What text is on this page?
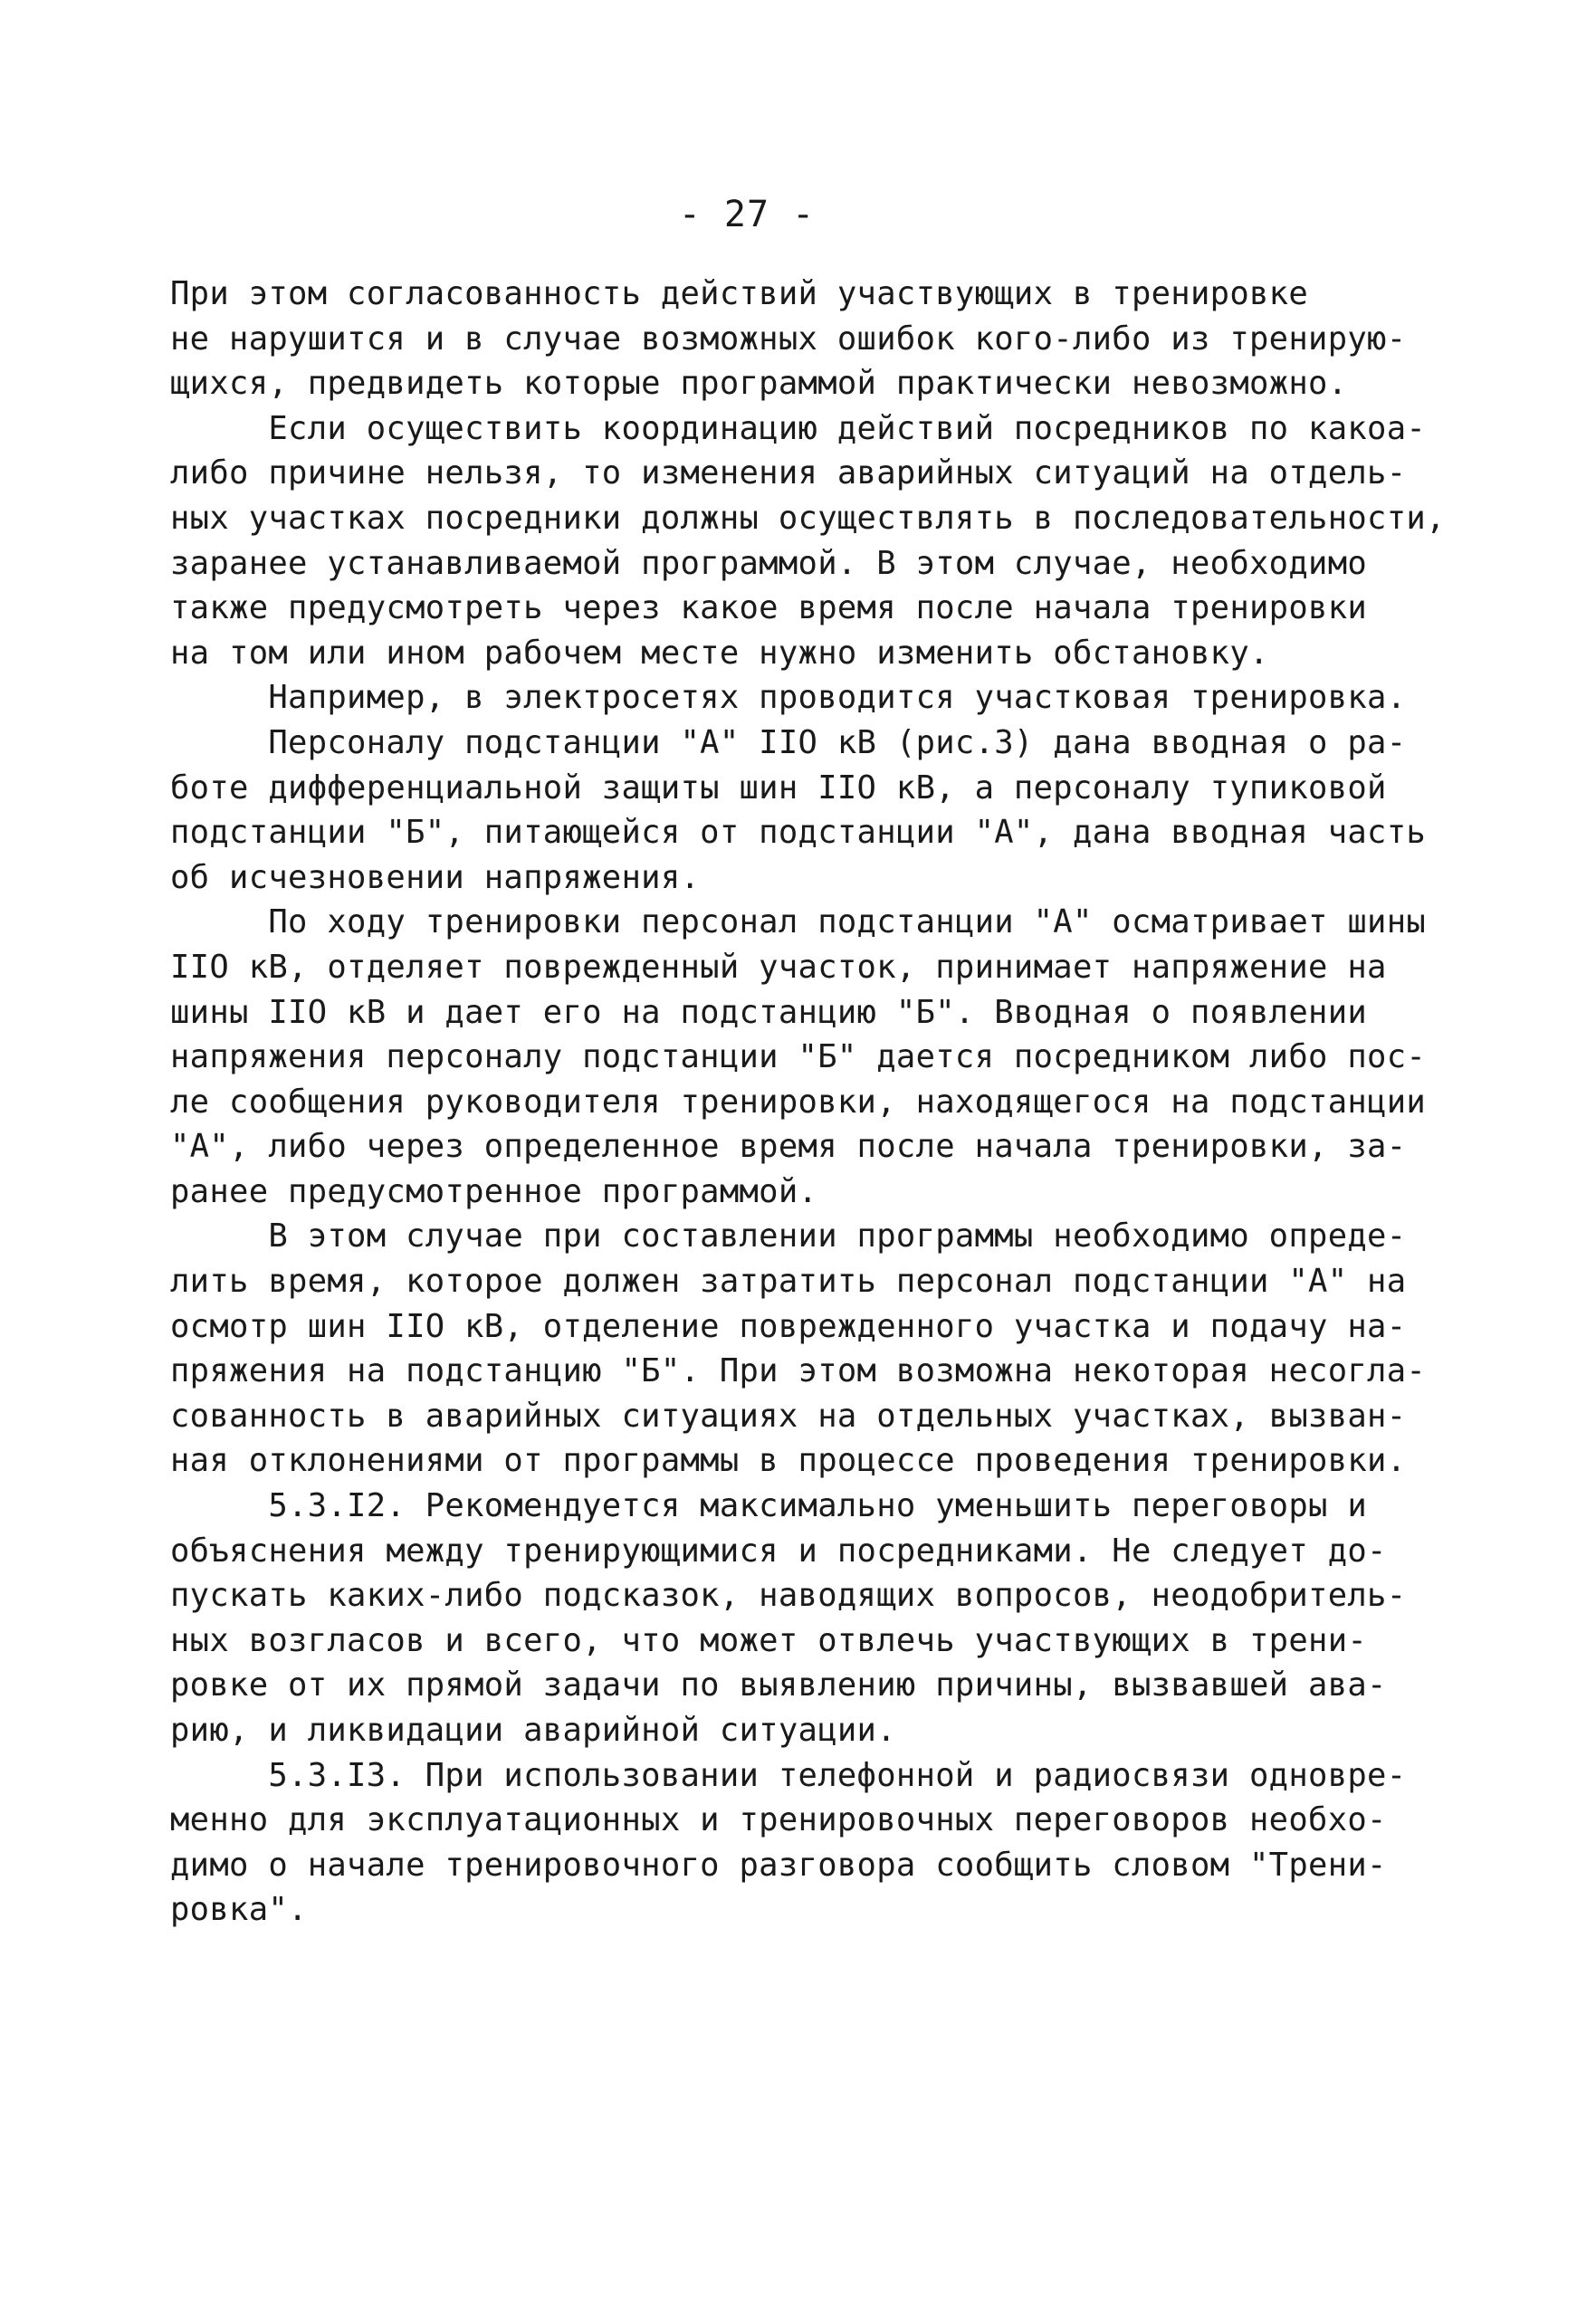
- 27 -
При этом согласованность действий участвующих в тренировке
не нарушится и в случае возможных ошибок кого-либо из тренирую-
щихся, предвидеть которые программой практически невозможно.
Если осуществить координацию действий посредников по какоа-
либо причине нельзя, то изменения аварийных ситуаций на отдель-
ных участках посредники должны осуществлять в последовательности,
заранее устанавливаемой программой. В этом случае, необходимо
также предусмотреть через какое время после начала тренировки
на том или ином рабочем месте нужно изменить обстановку.
Например, в электросетях проводится участковая тренировка.
Персоналу подстанции "А" IIO кВ (рис.3) дана вводная о ра-
боте дифференциальной защиты шин IIO кВ, а персоналу тупиковой
подстанции "Б", питающейся от подстанции "А", дана вводная часть
об исчезновении напряжения.
По ходу тренировки персонал подстанции "А" осматривает шины
IIO кВ, отделяет поврежденный участок, принимает напряжение на
шины IIO кВ и дает его на подстанцию "Б". Вводная о появлении
напряжения персоналу подстанции "Б" дается посредником либо пос-
ле сообщения руководителя тренировки, находящегося на подстанции
"А", либо через определенное время после начала тренировки, за-
ранее предусмотренное программой.
В этом случае при составлении программы необходимо опреде-
лить время, которое должен затратить персонал подстанции "А" на
осмотр шин IIO кВ, отделение поврежденного участка и подачу на-
пряжения на подстанцию "Б". При этом возможна некоторая несогла-
сованность в аварийных ситуациях на отдельных участках, вызван-
ная отклонениями от программы в процессе проведения тренировки.
5.3.I2. Рекомендуется максимально уменьшить переговоры и
объяснения между тренирующимися и посредниками. Не следует до-
пускать каких-либо подсказок, наводящих вопросов, неодобритель-
ных возгласов и всего, что может отвлечь участвующих в трени-
ровке от их прямой задачи по выявлению причины, вызвавшей ава-
рию, и ликвидации аварийной ситуации.
5.3.I3. При использовании телефонной и радиосвязи одновре-
менно для эксплуатационных и тренировочных переговоров необхо-
димо о начале тренировочного разговора сообщить словом "Трени-
ровка".
